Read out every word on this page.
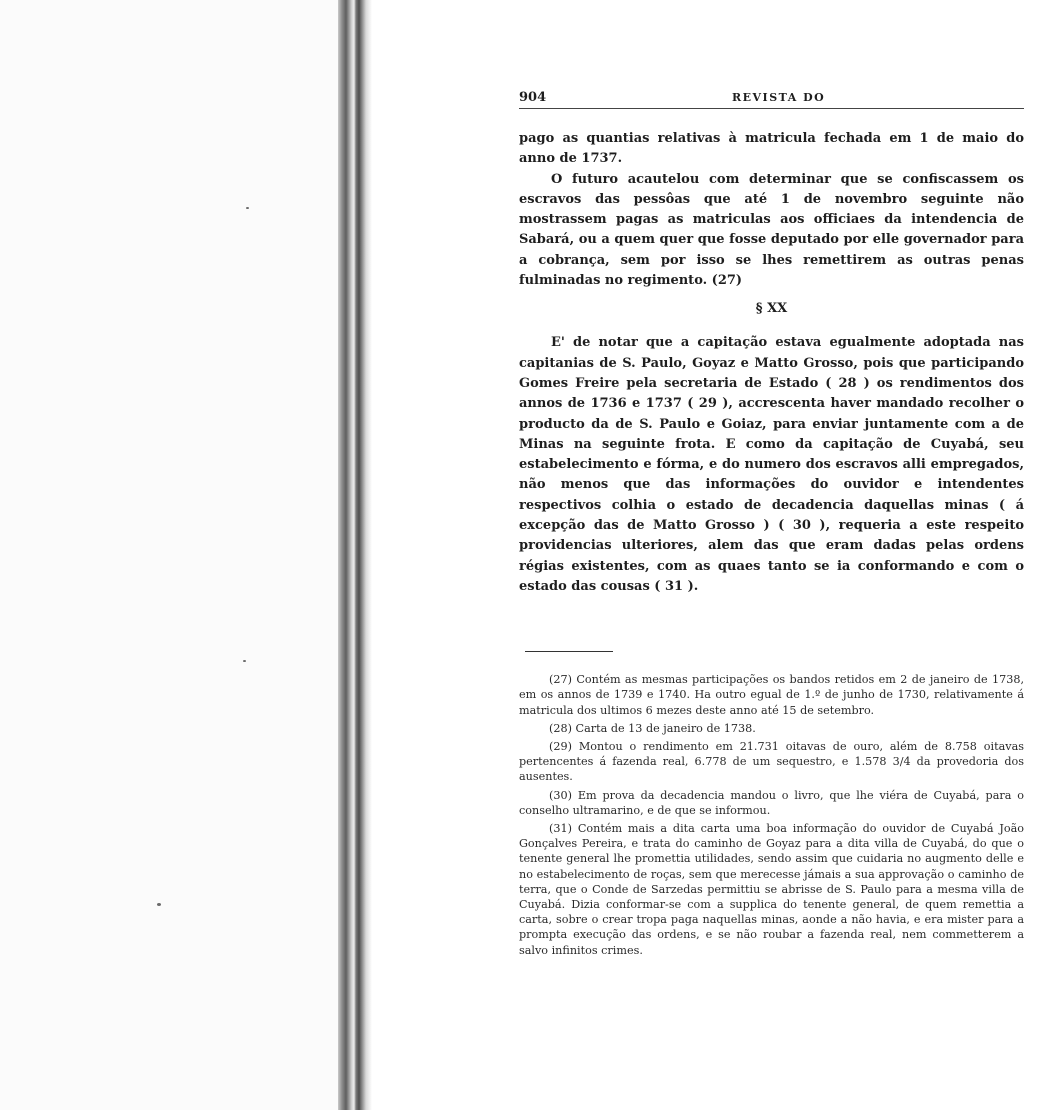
904	REVISTA DO

pago as quantias relativas à matricula fechada em 1 de maio do anno de 1737.

O futuro acautelou com determinar que se confiscassem os escravos das pessôas que até 1 de novembro seguinte não mostrassem pagas as matriculas aos officiaes da intendencia de Sabará, ou a quem quer que fosse deputado por elle governador para a cobrança, sem por isso se lhes remettirem as outras penas fulminadas no regimento. (27)

§ XX

E' de notar que a capitação estava egualmente adoptada nas capitanias de S. Paulo, Goyaz e Matto Grosso, pois que participando Gomes Freire pela secretaria de Estado ( 28 ) os rendimentos dos annos de 1736 e 1737 ( 29 ), accrescenta haver mandado recolher o producto da de S. Paulo e Goiaz, para enviar juntamente com a de Minas na seguinte frota. E como da capitação de Cuyabá, seu estabelecimento e fórma, e do numero dos escravos alli empregados, não menos que das informações do ouvidor e intendentes respectivos colhia o estado de decadencia daquellas minas ( á excepção das de Matto Grosso ) ( 30 ), requeria a este respeito providencias ulteriores, alem das que eram dadas pelas ordens régias existentes, com as quaes tanto se ia conformando e com o estado das cousas ( 31 ).

(27) Contém as mesmas participações os bandos retidos em 2 de janeiro de 1738, em os annos de 1739 e 1740. Ha outro egual de 1.º de junho de 1730, relativamente á matricula dos ultimos 6 mezes deste anno até 15 de setembro.

(28) Carta de 13 de janeiro de 1738.

(29) Montou o rendimento em 21.731 oitavas de ouro, além de 8.758 oitavas pertencentes á fazenda real, 6.778 de um sequestro, e 1.578 3/4 da provedoria dos ausentes.

(30) Em prova da decadencia mandou o livro, que lhe viéra de Cuyabá, para o conselho ultramarino, e de que se informou.

(31) Contém mais a dita carta uma boa informação do ouvidor de Cuyabá João Gonçalves Pereira, e trata do caminho de Goyaz para a dita villa de Cuyabá, do que o tenente general lhe promettia utilidades, sendo assim que cuidaria no augmento delle e no estabelecimento de roças, sem que merecesse jámais a sua approvação o caminho de terra, que o Conde de Sarzedas permittiu se abrisse de S. Paulo para a mesma villa de Cuyabá. Dizia conformar-se com a supplica do tenente general, de quem remettia a carta, sobre o crear tropa paga naquellas minas, aonde a não havia, e era mister para a prompta execução das ordens, e se não roubar a fazenda real, nem commetterem a salvo infinitos crimes.
